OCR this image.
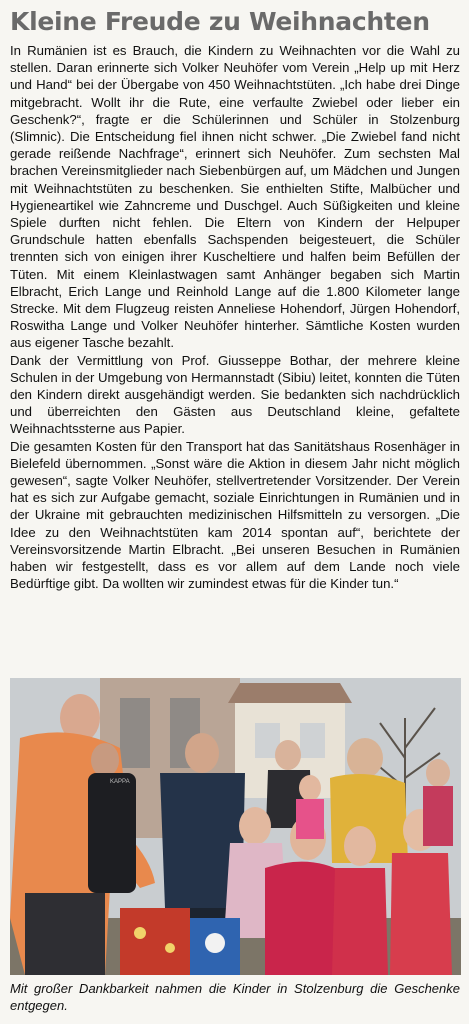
Kleine Freude zu Weihnachten

In Rumänien ist es Brauch, die Kindern zu Weihnachten vor die Wahl zu stellen. Daran erinnerte sich Volker Neuhöfer vom Verein „Help up mit Herz und Hand“ bei der Übergabe von 450 Weihnachtstüten. „Ich habe drei Dinge mitgebracht. Wollt ihr die Rute, eine verfaulte Zwiebel oder lieber ein Geschenk?“, fragte er die Schülerinnen und Schüler in Stolzenburg (Slimnic). Die Entscheidung fiel ihnen nicht schwer. „Die Zwiebel fand nicht gerade reißende Nachfrage“, erinnert sich Neuhöfer. Zum sechsten Mal brachen Vereinsmitglieder nach Siebenbürgen auf, um Mädchen und Jungen mit Weihnachtstüten zu beschenken. Sie enthielten Stifte, Malbücher und Hygieneartikel wie Zahncreme und Duschgel. Auch Süßigkeiten und kleine Spiele durften nicht fehlen. Die Eltern von Kindern der Helpuper Grundschule hatten ebenfalls Sachspenden beigesteuert, die Schüler trennten sich von einigen ihrer Kuscheltiere und halfen beim Befüllen der Tüten. Mit einem Kleinlastwagen samt Anhänger begaben sich Martin Elbracht, Erich Lange und Reinhold Lange auf die 1.800 Kilometer lange Strecke. Mit dem Flugzeug reisten Anneliese Hohendorf, Jürgen Hohendorf, Roswitha Lange und Volker Neuhöfer hinterher. Sämtliche Kosten wurden aus eigener Tasche bezahlt.

Dank der Vermittlung von Prof. Giusseppe Bothar, der mehrere kleine Schulen in der Umgebung von Hermannstadt (Sibiu) leitet, konnten die Tüten den Kindern direkt ausgehändigt werden. Sie bedankten sich nachdrücklich und überreichten den Gästen aus Deutschland kleine, gefaltete Weihnachtssterne aus Papier.

Die gesamten Kosten für den Transport hat das Sanitätshaus Rosenhäger in Bielefeld übernommen. „Sonst wäre die Aktion in diesem Jahr nicht möglich gewesen“, sagte Volker Neuhöfer, stellvertretender Vorsitzender. Der Verein hat es sich zur Aufgabe gemacht, soziale Einrichtungen in Rumänien und in der Ukraine mit gebrauchten medizinischen Hilfsmitteln zu versorgen. „Die Idee zu den Weihnachtstüten kam 2014 spontan auf“, berichtete der Vereinsvorsitzende Martin Elbracht. „Bei unseren Besuchen in Rumänien haben wir festgestellt, dass es vor allem auf dem Lande noch viele Bedürftige gibt. Da wollten wir zumindest etwas für die Kinder tun.“

KAPPA

Mit großer Dankbarkeit nahmen die Kinder in Stolzenburg die Geschenke entgegen.
